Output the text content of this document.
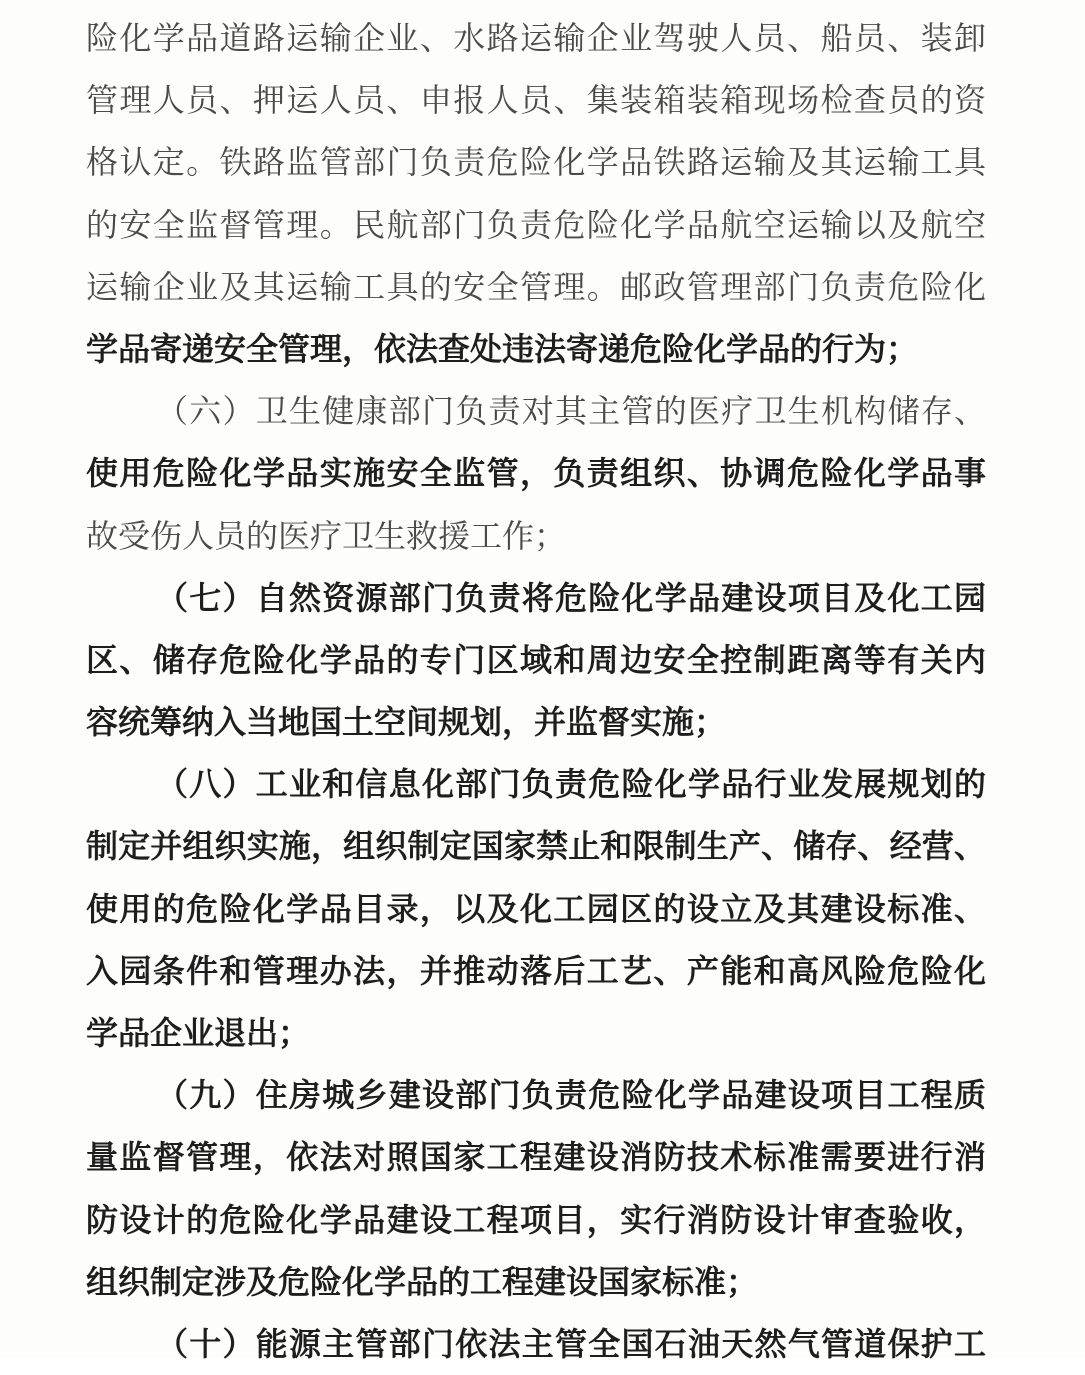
险化学品道路运输企业、水路运输企业驾驶人员、船员、装卸
管理人员、押运人员、申报人员、集装箱装箱现场检查员的资
格认定。铁路监管部门负责危险化学品铁路运输及其运输工具
的安全监督管理。民航部门负责危险化学品航空运输以及航空
运输企业及其运输工具的安全管理。邮政管理部门负责危险化
学品寄递安全管理，依法查处违法寄递危险化学品的行为；
（六）卫生健康部门负责对其主管的医疗卫生机构储存、
使用危险化学品实施安全监管，负责组织、协调危险化学品事
故受伤人员的医疗卫生救援工作；
（七）自然资源部门负责将危险化学品建设项目及化工园
区、储存危险化学品的专门区域和周边安全控制距离等有关内
容统筹纳入当地国土空间规划，并监督实施；
（八）工业和信息化部门负责危险化学品行业发展规划的
制定并组织实施，组织制定国家禁止和限制生产、储存、经营、
使用的危险化学品目录，以及化工园区的设立及其建设标准、
入园条件和管理办法，并推动落后工艺、产能和高风险危险化
学品企业退出；
（九）住房城乡建设部门负责危险化学品建设项目工程质
量监督管理，依法对照国家工程建设消防技术标准需要进行消
防设计的危险化学品建设工程项目，实行消防设计审查验收，
组织制定涉及危险化学品的工程建设国家标准；
（十）能源主管部门依法主管全国石油天然气管道保护工
